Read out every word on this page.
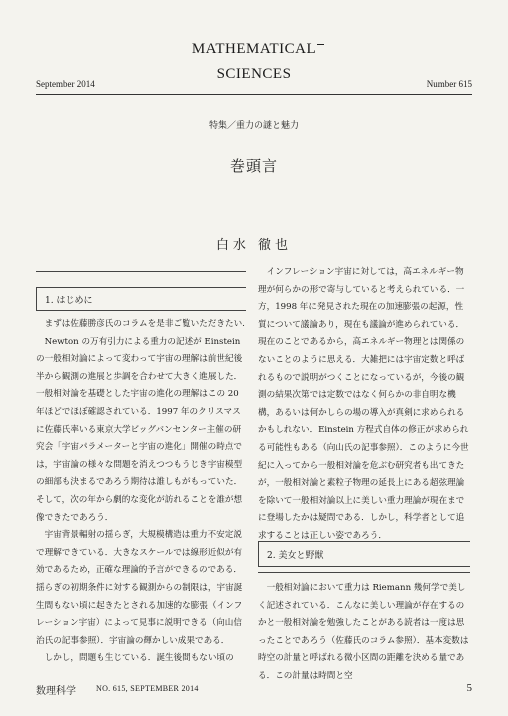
MATHEMATICAL
SCIENCES
September 2014	Number 615
特集／重力の謎と魅力
巻頭言
白水 徹也
1. はじめに

まずは佐藤勝彦氏のコラムを是非ご覧いただきたい.

Newton の万有引力による重力の記述が Einstein の一般相対論によって変わって宇宙の理解は前世紀後半から観測の進展と歩調を合わせて大きく進展した．一般相対論を基礎とした宇宙の進化の理解はこの 20 年ほどでほぼ確認されている．1997 年のクリスマスに佐藤氏率いる東京大学ビッグバンセンター主催の研究会「宇宙パラメーターと宇宙の進化」開催の時点では，宇宙論の様々な問題を消えつつもうじき宇宙模型の細部も決まるであろう期待は誰しもがもっていた．そして，次の年から劇的な変化が訪れることを誰が想像できたであろう．

宇宙背景輻射の揺らぎ，大規模構造は重力不安定説で理解できている．大きなスケールでは線形近似が有効であるため，正確な理論的予言ができるのである．揺らぎの初期条件に対する観測からの制限は，宇宙誕生間もない頃に起きたとされる加速的な膨張（インフレーション宇宙）によって見事に説明できる（向山信治氏の記事参照）．宇宙論の輝かしい成果である．

しかし，問題も生じている．誕生後間もない頃の

インフレーション宇宙に対しては，高エネルギー物理が何らかの形で寄与していると考えられている．一方，1998 年に発見された現在の加速膨張の起源，性質について議論あり，現在も議論が進められている．現在のことであるから，高エネルギー物理とは関係のないことのように思える．大雑把には宇宙定数と呼ばれるもので説明がつくことになっているが，今後の観測の結果次第では定数ではなく何らかの非自明な機構，あるいは何かしらの場の導入が真剣に求められるかもしれない．Einstein 方程式自体の修正が求められる可能性もある（向山氏の記事参照）．このように今世紀に入ってから一般相対論を危ぶむ研究者も出てきたが，一般相対論と素粒子物理の延長上にある超弦理論を除いて一般相対論以上に美しい重力理論が現在までに登場したかは疑問である．しかし，科学者として追求することは正しい姿であろう．

2. 美女と野獣

一般相対論において重力は Riemann 幾何学で美しく記述されている．こんなに美しい理論が存在するのかと一般相対論を勉強したことがある読者は一度は思ったことであろう（佐藤氏のコラム参照）．基本変数は時空の計量と呼ばれる微小区間の距離を決める量である．この計量は時間と空

数理科学	NO. 615, SEPTEMBER 2014	5
